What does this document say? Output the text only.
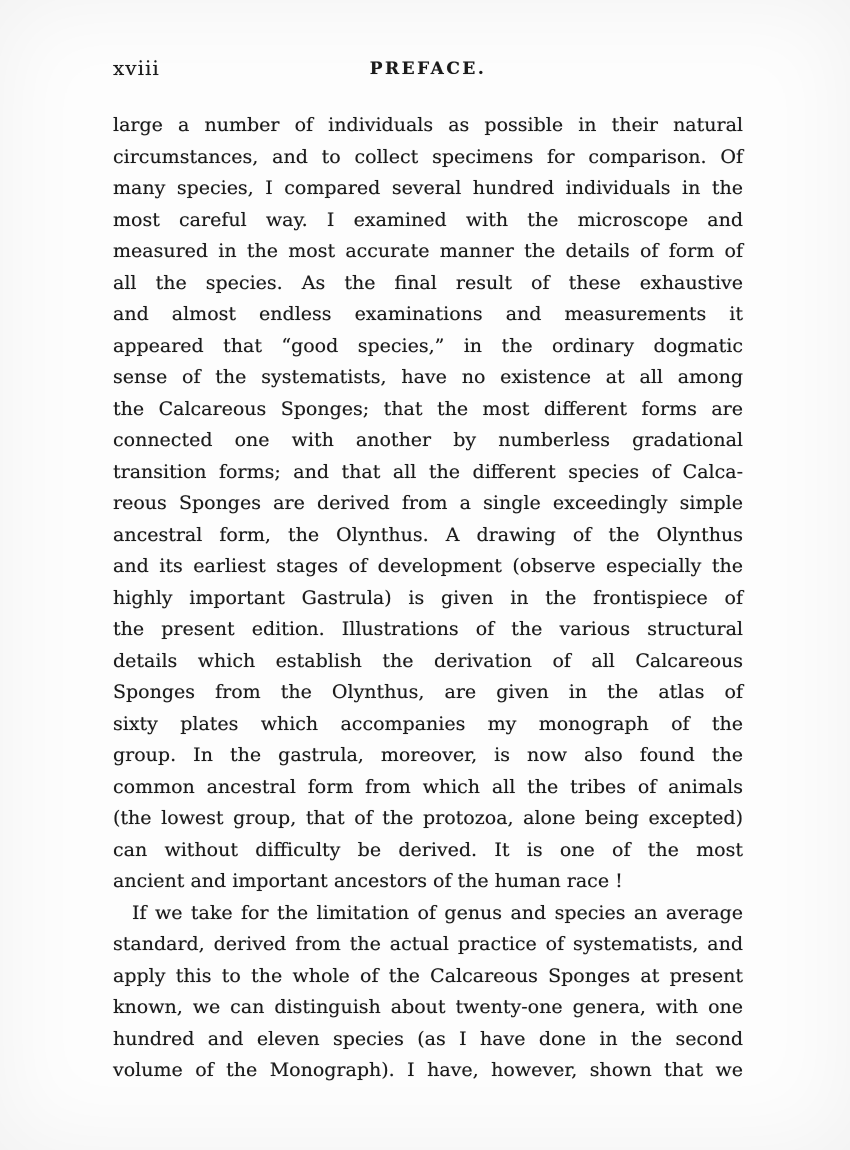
xviii	PREFACE.
large a number of individuals as possible in their natural
circumstances, and to collect specimens for comparison. Of
many species, I compared several hundred individuals in the
most careful way. I examined with the microscope and
measured in the most accurate manner the details of form of
all the species. As the final result of these exhaustive
and almost endless examinations and measurements it
appeared that “good species,” in the ordinary dogmatic
sense of the systematists, have no existence at all among
the Calcareous Sponges; that the most different forms are
connected one with another by numberless gradational
transition forms; and that all the different species of Calca-
reous Sponges are derived from a single exceedingly simple
ancestral form, the Olynthus. A drawing of the Olynthus
and its earliest stages of development (observe especially the
highly important Gastrula) is given in the frontispiece of
the present edition. Illustrations of the various structural
details which establish the derivation of all Calcareous
Sponges from the Olynthus, are given in the atlas of
sixty plates which accompanies my monograph of the
group. In the gastrula, moreover, is now also found the
common ancestral form from which all the tribes of animals
(the lowest group, that of the protozoa, alone being excepted)
can without difficulty be derived. It is one of the most
ancient and important ancestors of the human race !
If we take for the limitation of genus and species an average
standard, derived from the actual practice of systematists, and
apply this to the whole of the Calcareous Sponges at present
known, we can distinguish about twenty-one genera, with one
hundred and eleven species (as I have done in the second
volume of the Monograph). I have, however, shown that we
